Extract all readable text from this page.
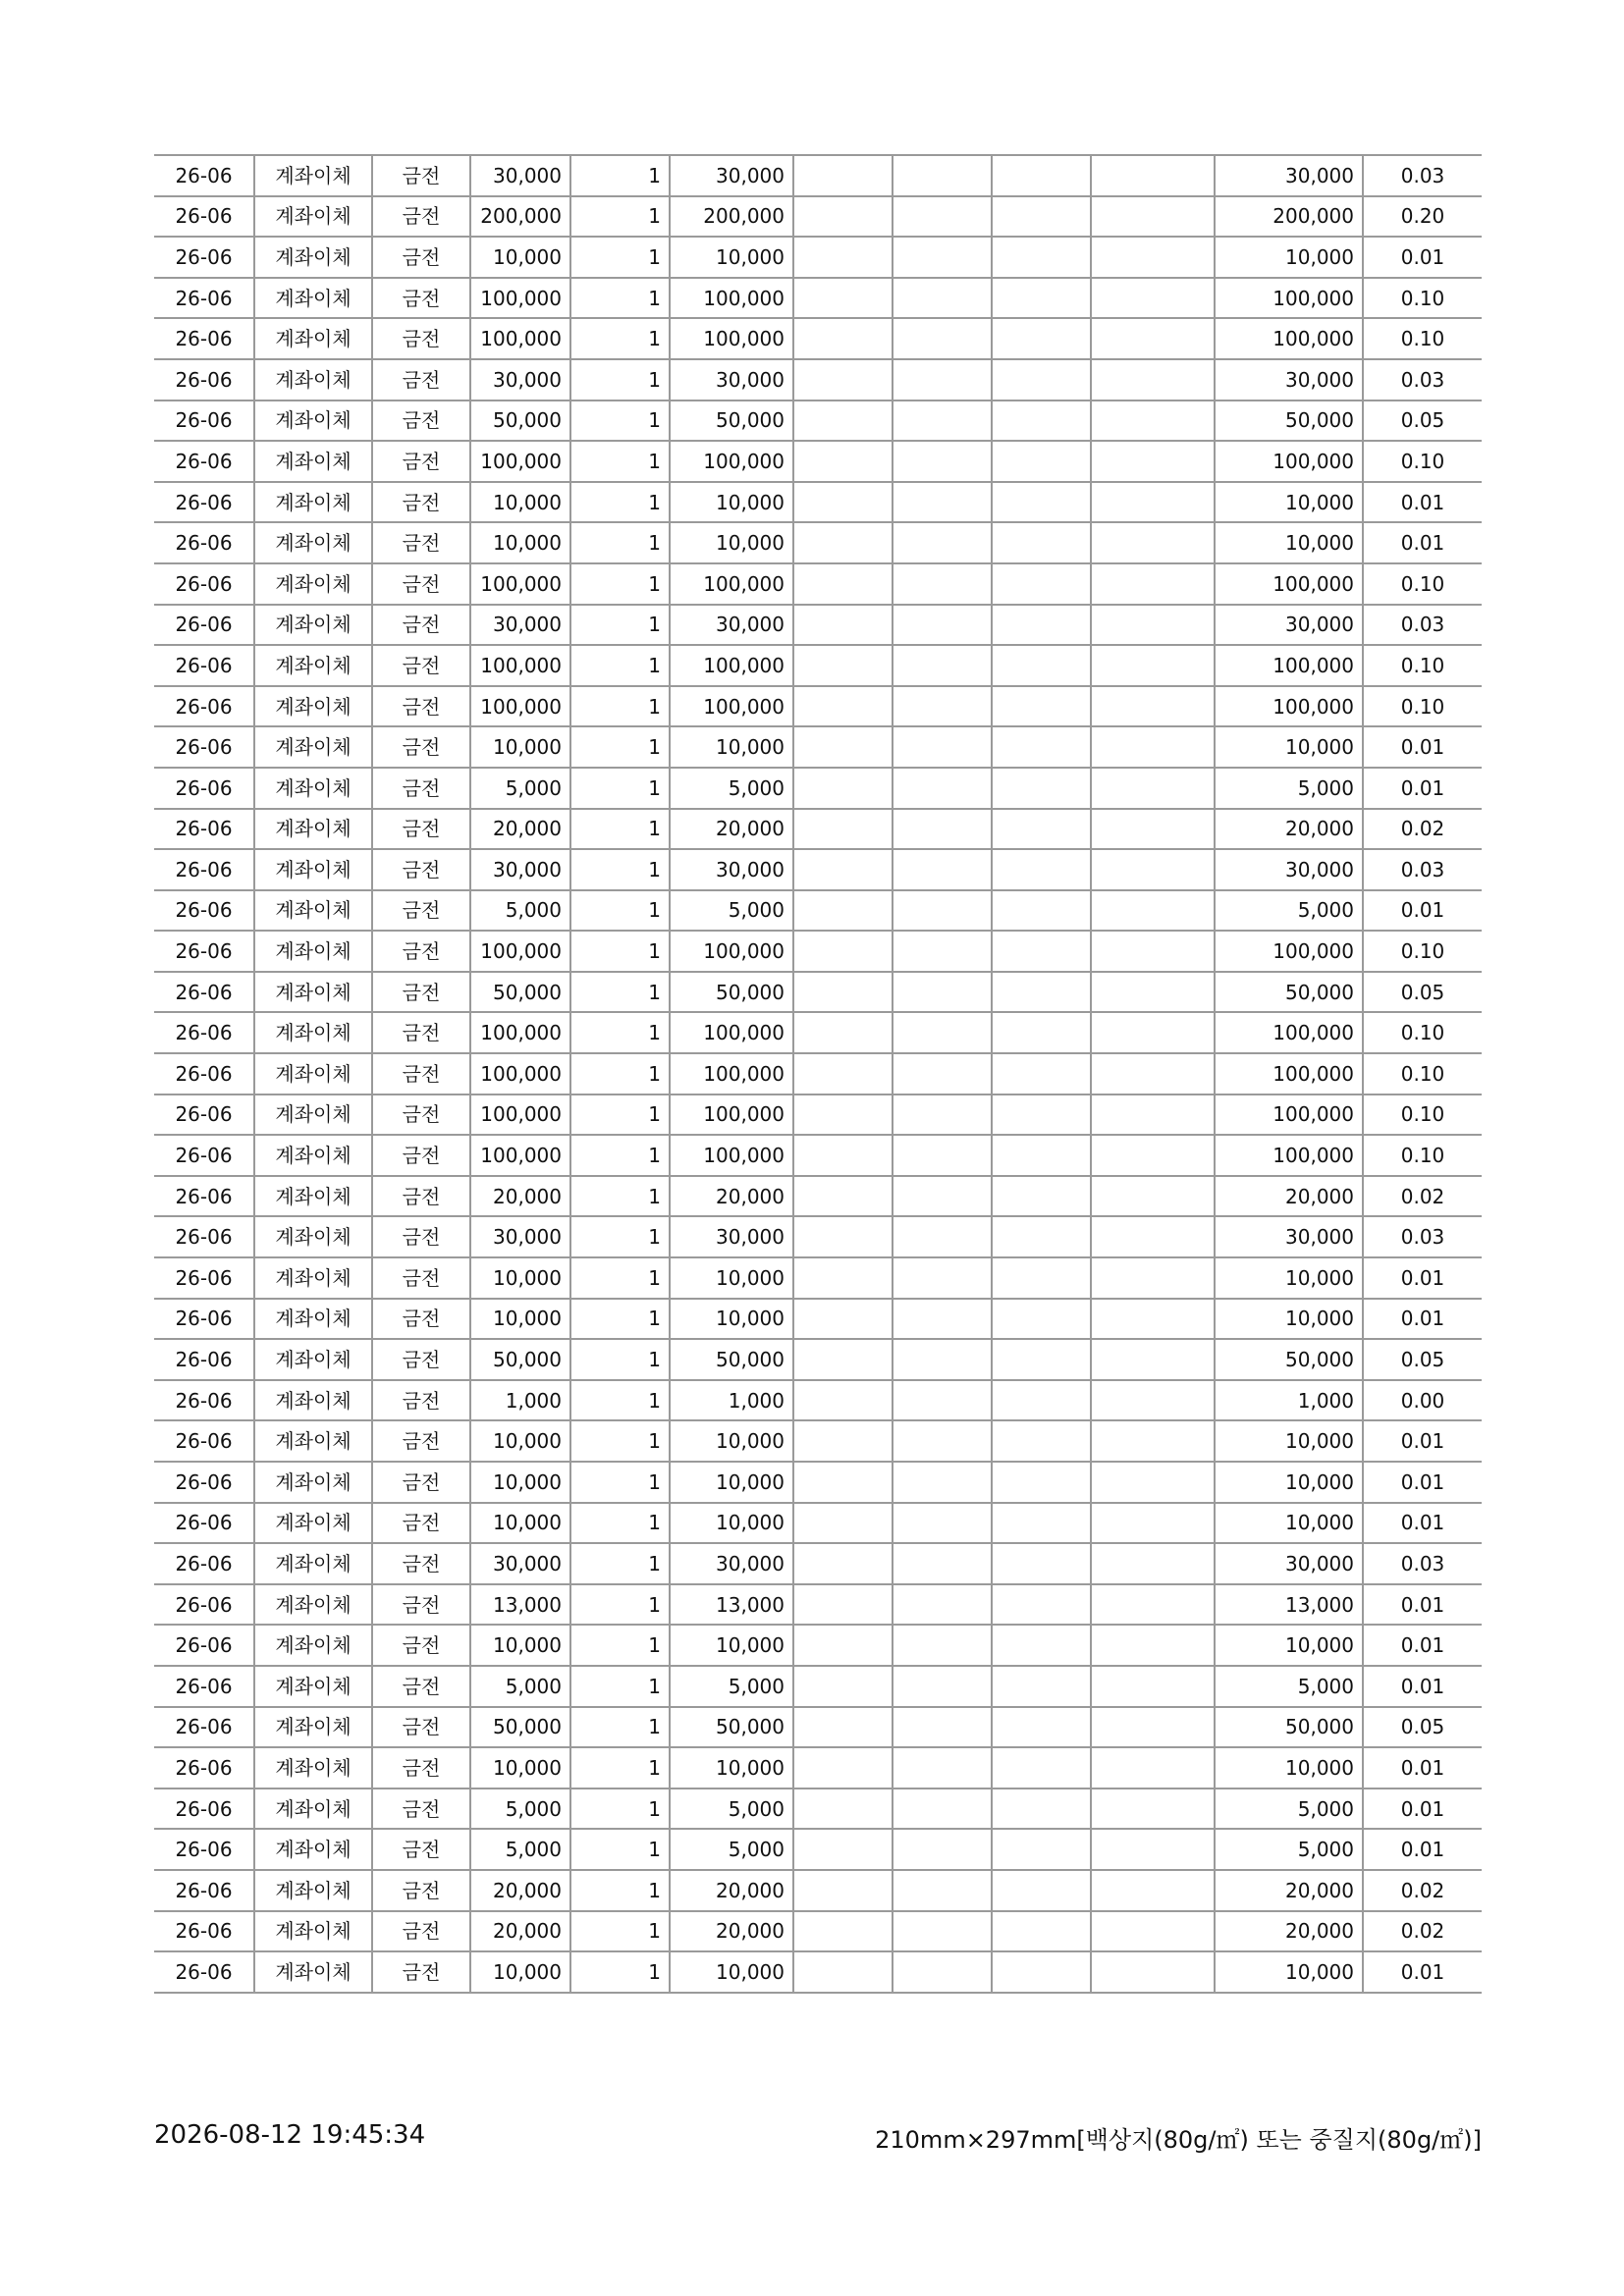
26-06	계좌이체	금전	30,000	1	30,000					30,000	0.03
26-06	계좌이체	금전	200,000	1	200,000					200,000	0.20
26-06	계좌이체	금전	10,000	1	10,000					10,000	0.01
26-06	계좌이체	금전	100,000	1	100,000					100,000	0.10
26-06	계좌이체	금전	100,000	1	100,000					100,000	0.10
26-06	계좌이체	금전	30,000	1	30,000					30,000	0.03
26-06	계좌이체	금전	50,000	1	50,000					50,000	0.05
26-06	계좌이체	금전	100,000	1	100,000					100,000	0.10
26-06	계좌이체	금전	10,000	1	10,000					10,000	0.01
26-06	계좌이체	금전	10,000	1	10,000					10,000	0.01
26-06	계좌이체	금전	100,000	1	100,000					100,000	0.10
26-06	계좌이체	금전	30,000	1	30,000					30,000	0.03
26-06	계좌이체	금전	100,000	1	100,000					100,000	0.10
26-06	계좌이체	금전	100,000	1	100,000					100,000	0.10
26-06	계좌이체	금전	10,000	1	10,000					10,000	0.01
26-06	계좌이체	금전	5,000	1	5,000					5,000	0.01
26-06	계좌이체	금전	20,000	1	20,000					20,000	0.02
26-06	계좌이체	금전	30,000	1	30,000					30,000	0.03
26-06	계좌이체	금전	5,000	1	5,000					5,000	0.01
26-06	계좌이체	금전	100,000	1	100,000					100,000	0.10
26-06	계좌이체	금전	50,000	1	50,000					50,000	0.05
26-06	계좌이체	금전	100,000	1	100,000					100,000	0.10
26-06	계좌이체	금전	100,000	1	100,000					100,000	0.10
26-06	계좌이체	금전	100,000	1	100,000					100,000	0.10
26-06	계좌이체	금전	100,000	1	100,000					100,000	0.10
26-06	계좌이체	금전	20,000	1	20,000					20,000	0.02
26-06	계좌이체	금전	30,000	1	30,000					30,000	0.03
26-06	계좌이체	금전	10,000	1	10,000					10,000	0.01
26-06	계좌이체	금전	10,000	1	10,000					10,000	0.01
26-06	계좌이체	금전	50,000	1	50,000					50,000	0.05
26-06	계좌이체	금전	1,000	1	1,000					1,000	0.00
26-06	계좌이체	금전	10,000	1	10,000					10,000	0.01
26-06	계좌이체	금전	10,000	1	10,000					10,000	0.01
26-06	계좌이체	금전	10,000	1	10,000					10,000	0.01
26-06	계좌이체	금전	30,000	1	30,000					30,000	0.03
26-06	계좌이체	금전	13,000	1	13,000					13,000	0.01
26-06	계좌이체	금전	10,000	1	10,000					10,000	0.01
26-06	계좌이체	금전	5,000	1	5,000					5,000	0.01
26-06	계좌이체	금전	50,000	1	50,000					50,000	0.05
26-06	계좌이체	금전	10,000	1	10,000					10,000	0.01
26-06	계좌이체	금전	5,000	1	5,000					5,000	0.01
26-06	계좌이체	금전	5,000	1	5,000					5,000	0.01
26-06	계좌이체	금전	20,000	1	20,000					20,000	0.02
26-06	계좌이체	금전	20,000	1	20,000					20,000	0.02
26-06	계좌이체	금전	10,000	1	10,000					10,000	0.01
2026-08-12 19:45:34	210mm×297mm[백상지(80g/㎡) 또는 중질지(80g/㎡)]
